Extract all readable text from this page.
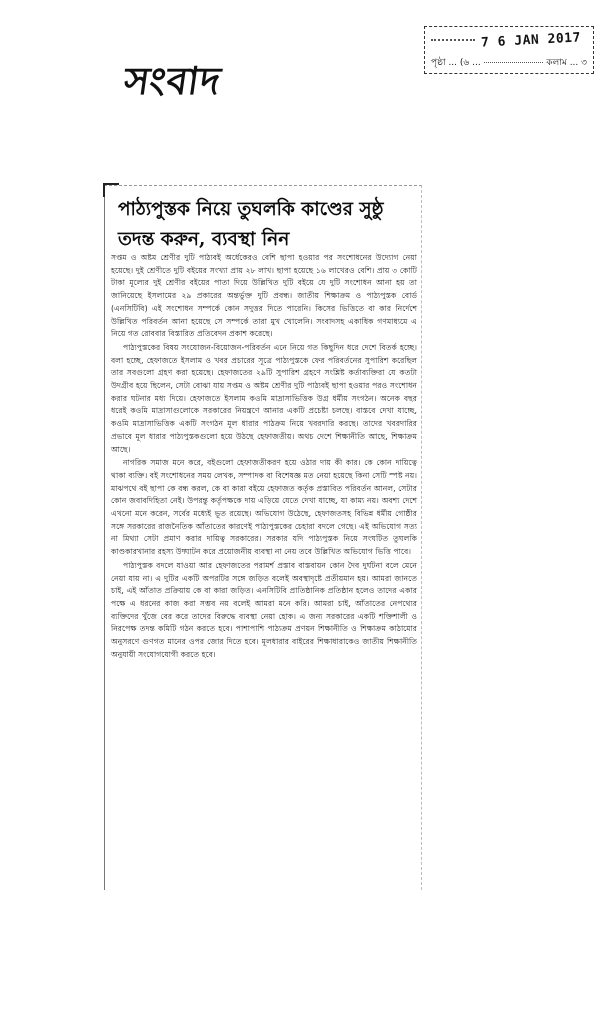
7 6 JAN 2017
পৃষ্ঠা ... (৬ ...	কলাম ... ৩
সংবাদ
পাঠ্যপুস্তক নিয়ে তুঘলকি কাণ্ডের সুষ্ঠু তদন্ত করুন, ব্যবস্থা নিন

সপ্তম ও অষ্টম শ্রেণীর দুটি পাঠ্যবই অর্ধেকেরও বেশি ছাপা হওয়ার পর সংশোধনের উদ্যোগ নেয়া হয়েছে। দুই শ্রেণীতে দুটি বইয়ের সংখ্যা প্রায় ২৮ লাখ। ছাপা হয়েছে ১৬ লাখেরও বেশি। প্রায় ৩ কোটি টাকা মূল্যের দুই শ্রেণীর বইয়ের পাতা দিয়ে উল্লিখিত দুটি বইয়ে যে দুটি সংশোধন আনা হয় তা জানিয়েছে ইসলামের ২৯ প্রকারের অন্তর্ভুক্ত দুটি প্রবন্ধ। জাতীয় শিক্ষাক্রম ও পাঠ্যপুস্তক বোর্ড (এনসিটিবি) এই সংশোধন সম্পর্কে কোন সদুত্তর দিতে পারেনি। কিসের ভিত্তিতে বা কার নির্দেশে উল্লিখিত পরিবর্তন আনা হয়েছে সে সম্পর্কে তারা মুখ খোলেনি। সংবাদসহ একাধিক গণমাধ্যমে এ নিয়ে গত রোববার বিস্তারিত প্রতিবেদন প্রকাশ করেছে।

পাঠ্যপুস্তকের বিষয় সংযোজন-বিয়োজন-পরিবর্তন এনে নিয়ে গত কিছুদিন ধরে দেশে বিতর্ক হচ্ছে। বলা হচ্ছে, হেফাজতে ইসলাম ও খবর প্রচারের সূত্রে পাঠ্যপুস্তকে ফের পরিবর্তনের সুপারিশ করেছিল তার সবগুলো গ্রহণ করা হয়েছে। হেফাজতের ২৯টি সুপারিশ গ্রহণে সংশ্লিষ্ট কর্তাব্যক্তিরা যে কতটা উদগ্রীব হয়ে ছিলেন, সেটা বোঝা যায় সপ্তম ও অষ্টম শ্রেণীর দুটি পাঠ্যবই ছাপা হওয়ার পরও সংশোধন করার ঘটনার মধ্য দিয়ে। হেফাজতে ইসলাম কওমি মাদ্রাসাভিত্তিক উগ্র ধর্মীয় সংগঠন। অনেক বছর ধরেই কওমি মাদ্রাসাগুলোকে সরকারের নিয়ন্ত্রণে আনার একটি প্রচেষ্টা চলছে। বাস্তবে দেখা যাচ্ছে, কওমি মাদ্রাসাভিত্তিক একটি সংগঠন মূল ধারার পাঠক্রম নিয়ে খবরদারি করছে। তাদের খবরদারির প্রভাবে মূল ধারার পাঠ্যপুস্তকগুলো হয়ে উঠছে হেফাজতীয়। অথচ দেশে শিক্ষানীতি আছে, শিক্ষাক্রম আছে।

নাগরিক সমাজ মনে করে, বইগুলো হেফাজতীকরণ হয়ে ওঠার দায় কী কার। কে কোন দায়িত্বে থাকা ব্যক্তি। বই সংশোধনের সময় লেখক, সম্পাদক বা বিশেষজ্ঞ মত নেয়া হয়েছে কিনা সেটি স্পষ্ট নয়। মাঝপথে বই ছাপা কে বন্ধ করল, কে বা কারা বইয়ে হেফাজত কর্তৃক প্রস্তাবিত পরিবর্তন আনল, সেটার কোন জবাবদিহিতা নেই। উপরন্তু কর্তৃপক্ষকে দায় এড়িয়ে যেতে দেখা যাচ্ছে, যা কাম্য নয়। অবশ্য দেশে এখনো মনে করেন, সর্বের মধ্যেই ভূত রয়েছে। অভিযোগ উঠেছে, হেফাজতসহ বিভিন্ন ধর্মীয় গোষ্ঠীর সঙ্গে সরকারের রাজনৈতিক আঁতাতের কারণেই পাঠ্যপুস্তকের চেহারা বদলে গেছে। এই অভিযোগ সত্য না মিথ্যা সেটা প্রমাণ করার দায়িত্ব সরকারের। সরকার যদি পাঠ্যপুস্তক নিয়ে সংঘটিত তুঘলকি কাণ্ডকারখানার রহস্য উদ্ঘাটন করে প্রয়োজনীয় ব্যবস্থা না নেয় তবে উল্লিখিত অভিযোগ ভিত্তি পাবে।

পাঠ্যপুস্তক বদলে যাওয়া আর হেফাজতের পরামর্শ প্রস্তাব বাস্তবায়ন কোন দৈব দুর্ঘটনা বলে মেনে নেয়া যায় না। এ দুটির একটি অপরটির সঙ্গে জড়িত বলেই অবস্থাদৃষ্টে প্রতীয়মান হয়। আমরা জানতে চাই, এই আঁতাত প্রক্রিয়ায় কে বা কারা জড়িত। এনসিটিবি প্রাতিষ্ঠানিক প্রতিষ্ঠান হলেও তাদের একার পক্ষে এ ধরনের কাজ করা সম্ভব নয় বলেই আমরা মনে করি। আমরা চাই, আঁতাতের নেপথ্যের ব্যক্তিদের খুঁজে বের করে তাদের বিরুদ্ধে ব্যবস্থা নেয়া হোক। এ জন্য সরকারের একটি শক্তিশালী ও নিরপেক্ষ তদন্ত কমিটি গঠন করতে হবে। পাশাপাশি পাঠ্যক্রম প্রণয়ন শিক্ষানীতি ও শিক্ষাক্রম কাঠামোর অনুসরণে গুণগত মানের ওপর জোর দিতে হবে। মূলধারার বাইরের শিক্ষাধারাকেও জাতীয় শিক্ষানীতি অনুযায়ী সংযোগযোগী করতে হবে।
